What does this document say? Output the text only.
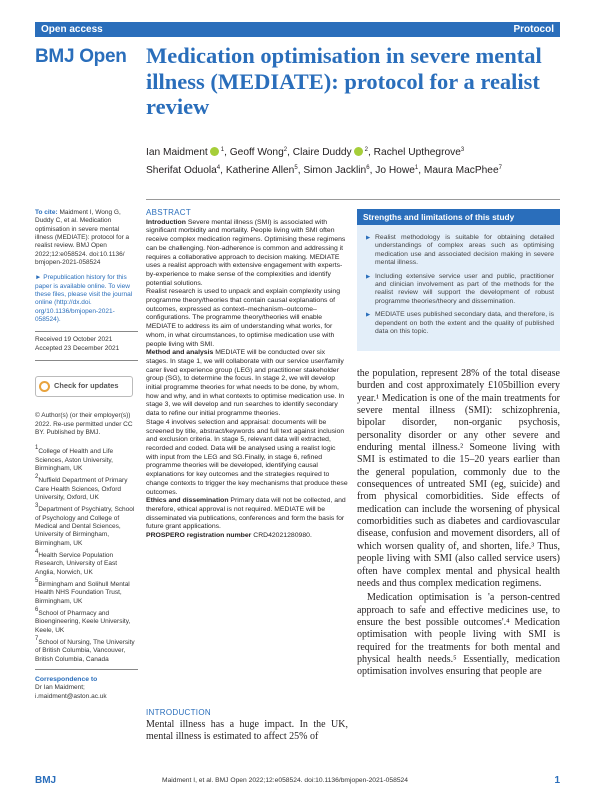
Open access	Protocol
BMJ Open Medication optimisation in severe mental illness (MEDIATE): protocol for a realist review

Ian Maidment $^1$, Geoff Wong$^2$, Claire Duddy $^2$, Rachel Upthegrove$^3$

Sherifat Oduola$^4$, Katherine Allen$^5$, Simon Jacklin$^6$, Jo Howe$^1$, Maura MacPhee$^7$

To cite: Maidment I, Wong G, Duddy C, et al. Medication optimisation in severe mental illness (MEDIATE): protocol for a realist review. BMJ Open 2022;12:e058524. doi:10.1136/ bmjopen-2021-058524
► Prepublication history for this paper is available online. To view these files, please visit the journal online (http://dx.doi. org/10.1136/bmjopen-2021- 058524).
Received 19 October 2021
Accepted 23 December 2021
Check for updates
© Author(s) (or their employer(s)) 2022. Re-use permitted under CC BY. Published by BMJ.
$^1$College of Health and Life Sciences, Aston University, Birmingham, UK
$^2$Nuffield Department of Primary Care Health Sciences, Oxford University, Oxford, UK
$^3$Department of Psychiatry, School of Psychology and College of Medical and Dental Sciences, University of Birmingham, Birmingham, UK
$^4$Health Service Population Research, University of East Anglia, Norwich, UK
$^5$Birmingham and Solihull Mental Health NHS Foundation Trust, Birmingham, UK
$^6$School of Pharmacy and Bioengineering, Keele University, Keele, UK
$^7$School of Nursing, The University of British Columbia, Vancouver, British Columbia, Canada
Correspondence to
Dr Ian Maidment;
i.maidment@aston.ac.uk
ABSTRACT

Introduction Severe mental illness (SMI) is associated with significant morbidity and mortality. People living with SMI often receive complex medication regimens. Optimising these regimens can be challenging. Non-adherence is common and addressing it requires a collaborative approach to decision making. MEDIATE uses a realist approach with extensive engagement with experts-by-experience to make sense of the complexities and identify potential solutions.

Realist research is used to unpack and explain complexity using programme theory/theories that contain causal explanations of outcomes, expressed as context–mechanism–outcome–configurations. The programme theory/theories will enable MEDIATE to address its aim of understanding what works, for whom, in what circumstances, to optimise medication use with people living with SMI.

Method and analysis MEDIATE will be conducted over six stages. In stage 1, we will collaborate with our service user/family carer lived experience group (LEG) and practitioner stakeholder group (SG), to determine the focus. In stage 2, we will develop initial programme theories for what needs to be done, by whom, how and why, and in what contexts to optimise medication use. In stage 3, we will develop and run searches to identify secondary data to refine our initial programme theories.

Stage 4 involves selection and appraisal: documents will be screened by title, abstract/keywords and full text against inclusion and exclusion criteria. In stage 5, relevant data will extracted, recorded and coded. Data will be analysed using a realist logic with input from the LEG and SG.Finally, in stage 6, refined programme theories will be developed, identifying causal explanations for key outcomes and the strategies required to change contexts to trigger the key mechanisms that produce these outcomes.

Ethics and dissemination Primary data will not be collected, and therefore, ethical approval is not required. MEDIATE will be disseminated via publications, conferences and form the basis for future grant applications.

PROSPERO registration number CRD42021280980.

Strengths and limitations of this study
▶ Realist methodology is suitable for obtaining detailed understandings of complex areas such as optimising medication use and associated decision making in severe mental illness.
▶ Including extensive service user and public, practitioner and clinician involvement as part of the methods for the realist review will support the development of robust programme theories/theory and dissemination.
▶ MEDIATE uses published secondary data, and therefore, is dependent on both the extent and the quality of published data on this topic.
INTRODUCTION

Mental illness has a huge impact. In the UK, mental illness is estimated to affect 25% of

the population, represent 28% of the total disease burden and cost approximately £105billion every year.¹ Medication is one of the main treatments for severe mental illness (SMI): schizophrenia, bipolar disorder, non-organic psychosis, personality disorder or any other severe and enduring mental illness.² Someone living with SMI is estimated to die 15–20 years earlier than the general population, commonly due to the consequences of untreated SMI (eg, suicide) and from physical comorbidities. Side effects of medication can include the worsening of physical comorbidities such as diabetes and cardiovascular disease, confusion and movement disorders, all of which worsen quality of, and shorten, life.³ Thus, people living with SMI (also called service users) often have complex mental and physical health needs and thus complex medication regimens.

Medication optimisation is 'a person-centred approach to safe and effective medicines use, to ensure the best possible outcomes'.⁴ Medication optimisation with people living with SMI is required for the treatments for both mental and physical health needs.⁵ Essentially, medication optimisation involves ensuring that people are

BMJ	Maidment I, et al. BMJ Open 2022;12:e058524. doi:10.1136/bmjopen-2021-058524	1
